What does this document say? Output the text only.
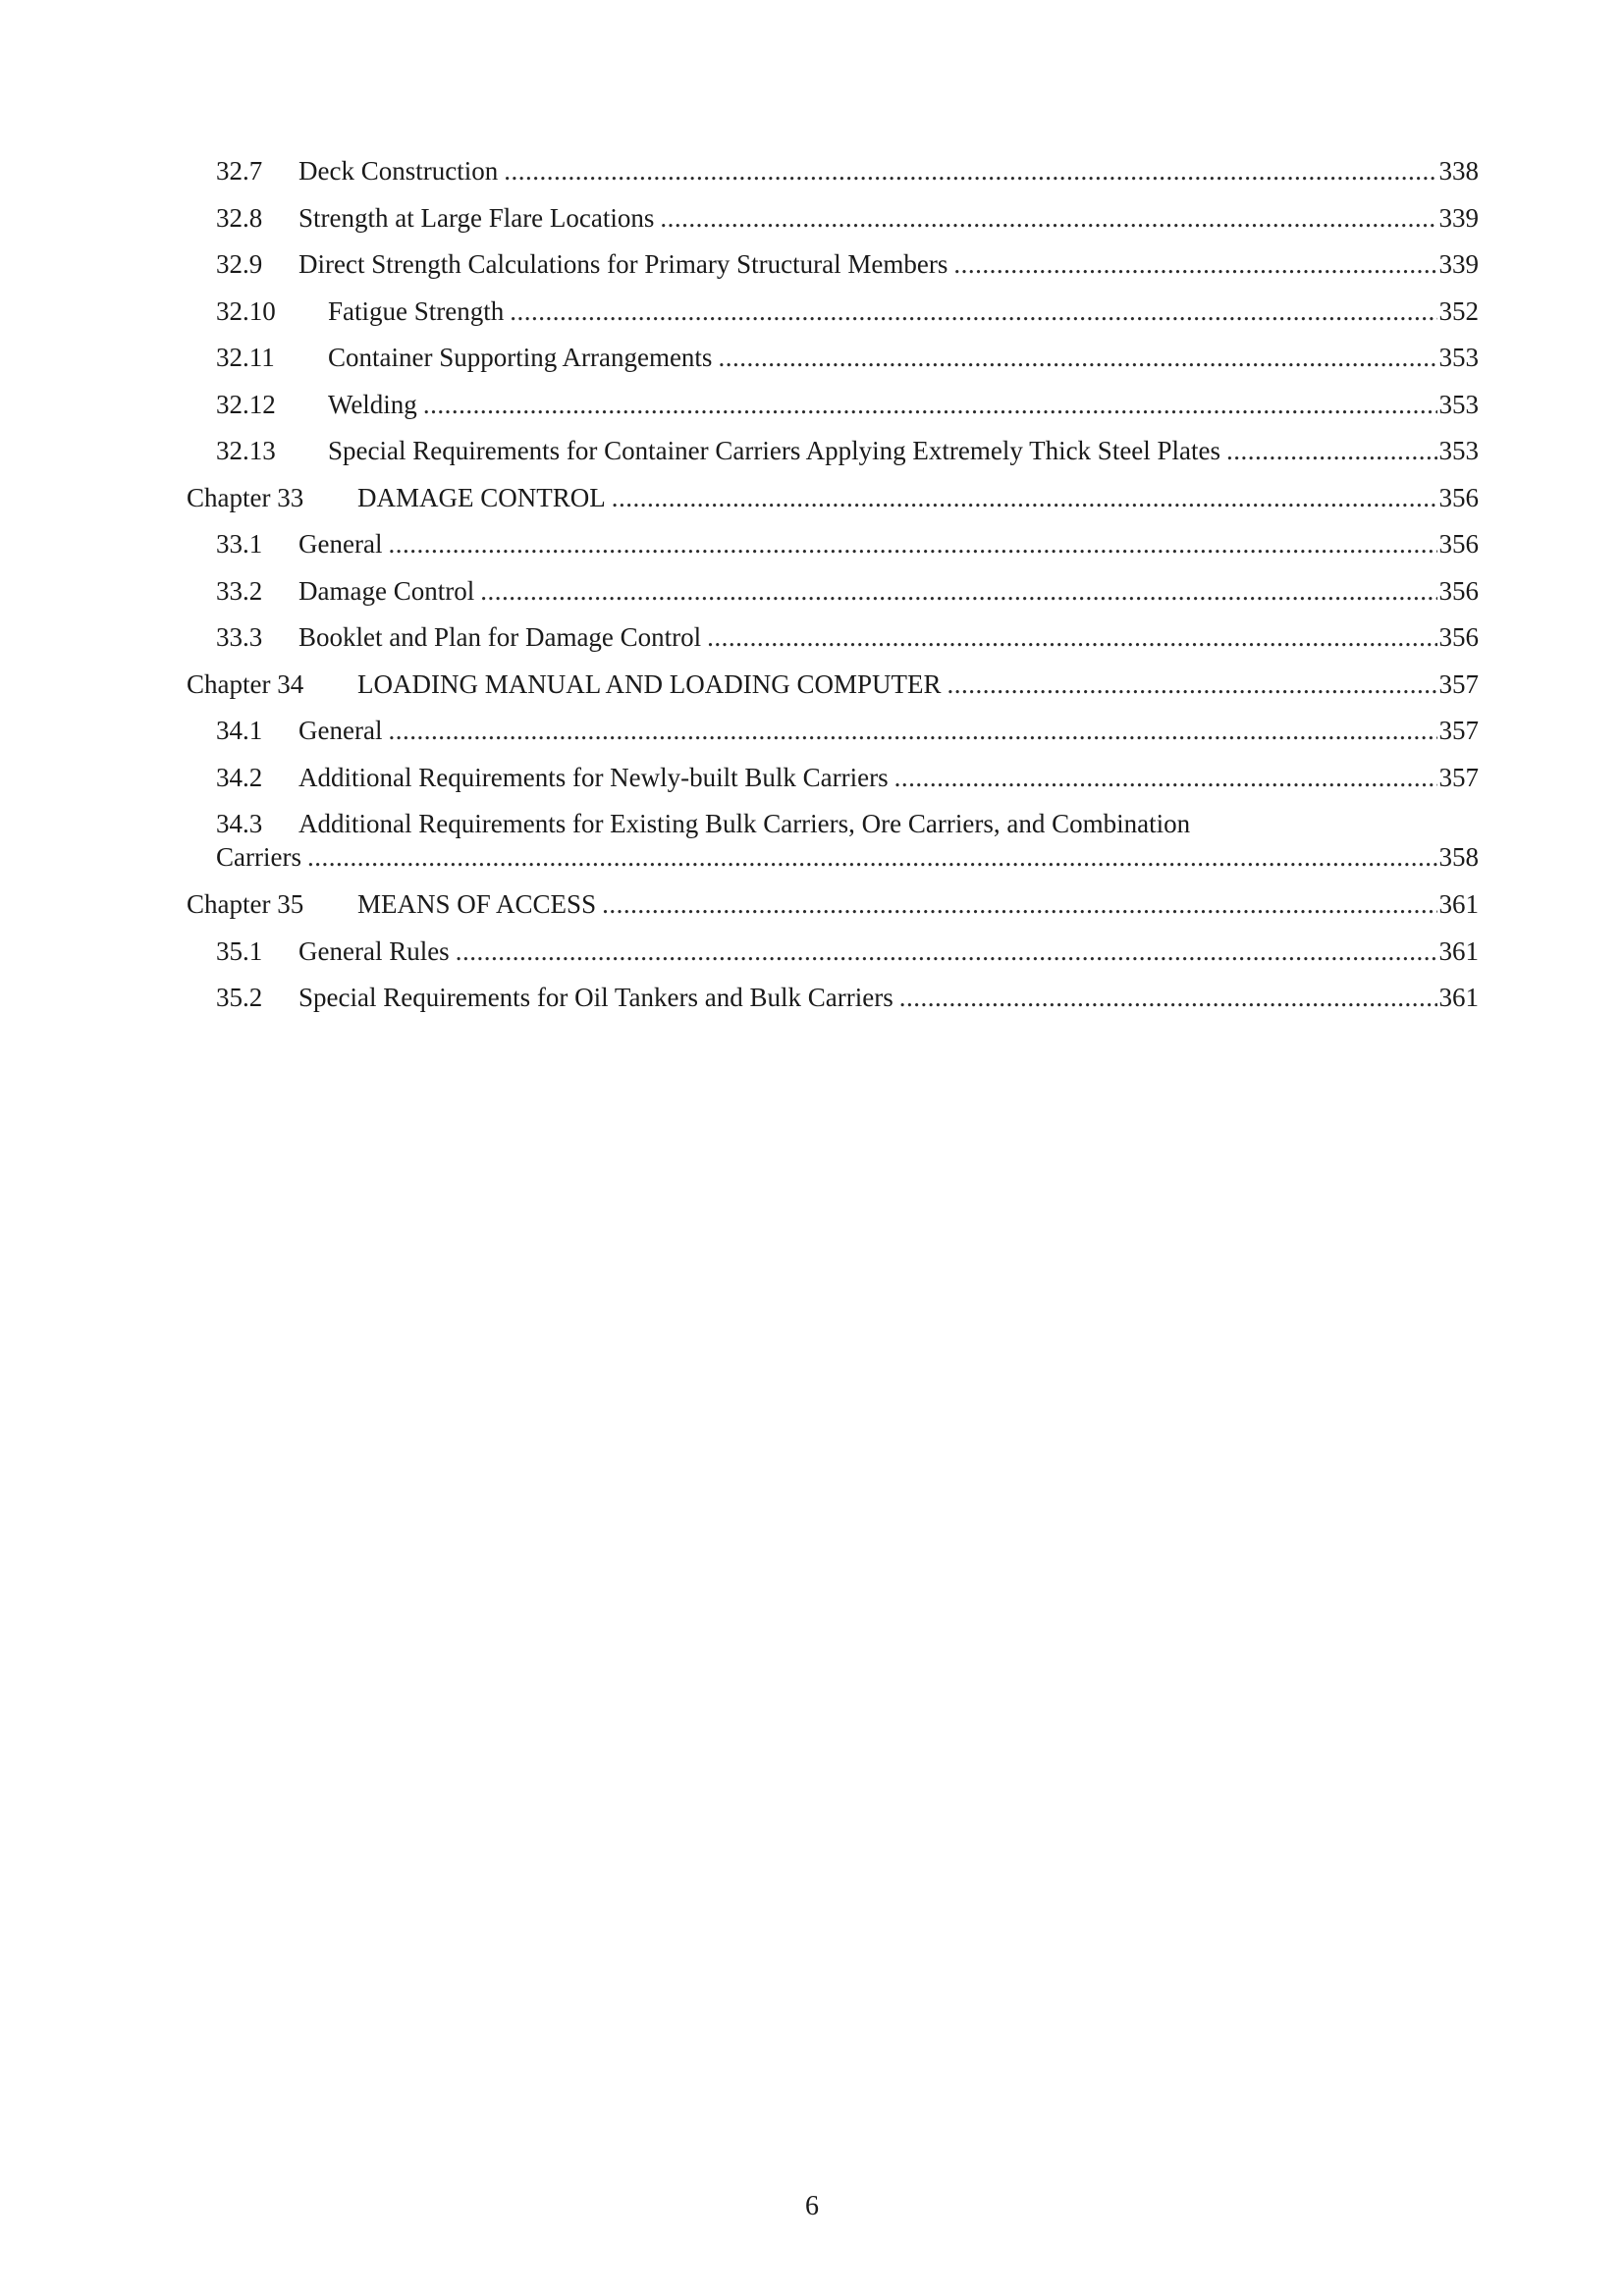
32.7	Deck Construction .....	338
32.8	Strength at Large Flare Locations .....	339
32.9	Direct Strength Calculations for Primary Structural Members .....	339
32.10	Fatigue Strength .....	352
32.11	Container Supporting Arrangements .....	353
32.12	Welding .....	353
32.13	Special Requirements for Container Carriers Applying Extremely Thick Steel Plates .....	353
Chapter 33	DAMAGE CONTROL .....	356
33.1	General .....	356
33.2	Damage Control .....	356
33.3	Booklet and Plan for Damage Control .....	356
Chapter 34	LOADING MANUAL AND LOADING COMPUTER .....	357
34.1	General .....	357
34.2	Additional Requirements for Newly-built Bulk Carriers .....	357
34.3	Additional Requirements for Existing Bulk Carriers, Ore Carriers, and Combination
Carriers .....	358
Chapter 35	MEANS OF ACCESS .....	361
35.1	General Rules .....	361
35.2	Special Requirements for Oil Tankers and Bulk Carriers .....	361
6
